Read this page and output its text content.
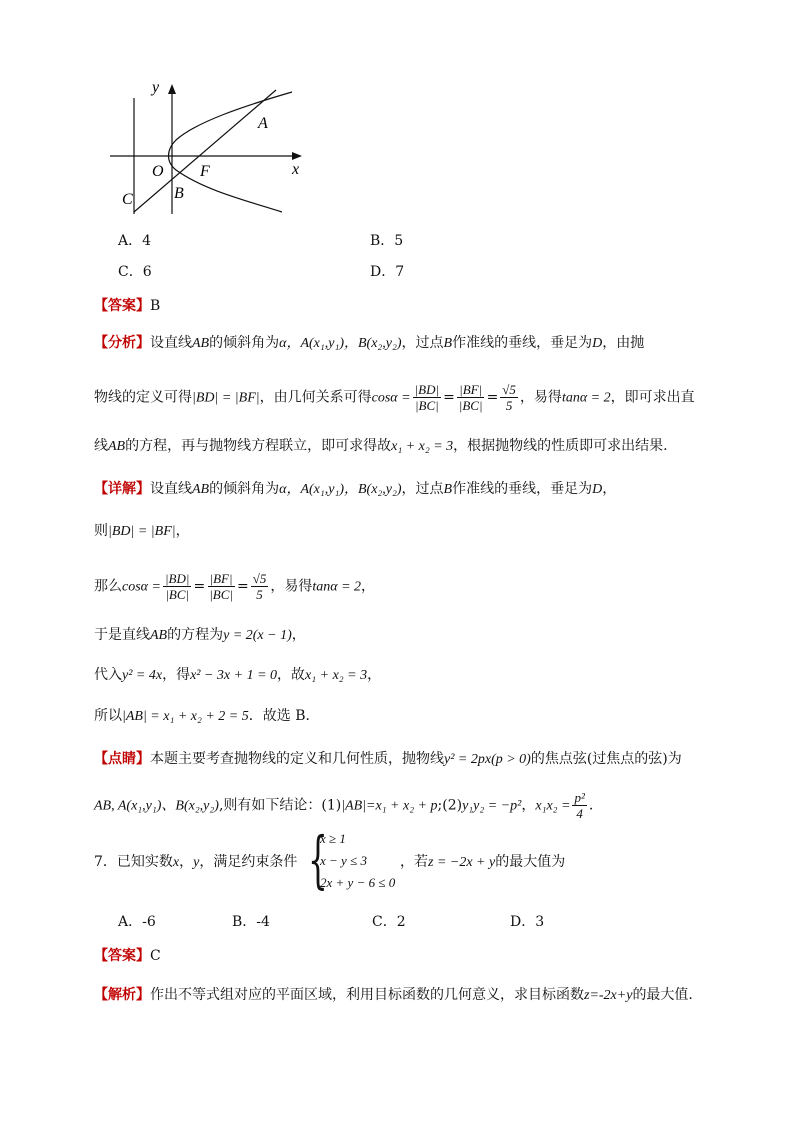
y
x
O
A
F
B
C
A．4	B．5
C．6	D．7
【答案】B
【分析】设直线AB的倾斜角为α，A(x₁,y₁)，B(x₂,y₂)，过点B作准线的垂线，垂足为D，由抛
物线的定义可得|BD| = |BF|，由几何关系可得$\cos\alpha = \frac{|BD|}{|BC|} = \frac{|BF|}{|BC|} = \frac{√5}{5}$ ，易得tanα = 2，即可求出直
线AB的方程，再与抛物线方程联立，即可求得故x₁ + x₂ = 3，根据抛物线的性质即可求出结果.
【详解】设直线AB的倾斜角为α，A(x₁,y₁)，B(x₂,y₂)，过点B作准线的垂线，垂足为D，
则|BD| = |BF|，
那么$\cos\alpha = \frac{|BD|}{|BC|} = \frac{|BF|}{|BC|} = \frac{√5}{5}$ ，易得tanα = 2，
于是直线AB的方程为y = 2(x − 1)，
代入y² = 4x，得x² − 3x + 1 = 0，故x₁ + x₂ = 3，
所以|AB| = x₁ + x₂ + 2 = 5．故选 B．
【点睛】本题主要考查抛物线的定义和几何性质，抛物线y² = 2px(p > 0)的焦点弦(过焦点的弦)为
AB, A(x₁,y₁)、B(x₂,y₂),则有如下结论：(1)|AB|=x₁ + x₂ + p;(2)y₁y₂ = −p²，$x_1x_2 = \frac{\text{p²}}{4}$ .
7．已知实数x，y，满足约束条件 {
x ≥ 1
x − y ≤ 3
2x + y − 6 ≤ 0
，若z = −2x + y的最大值为
A．-6	B．-4	C．2	D．3
【答案】C
【解析】作出不等式组对应的平面区域，利用目标函数的几何意义，求目标函数z=-2x+y的最大值.
